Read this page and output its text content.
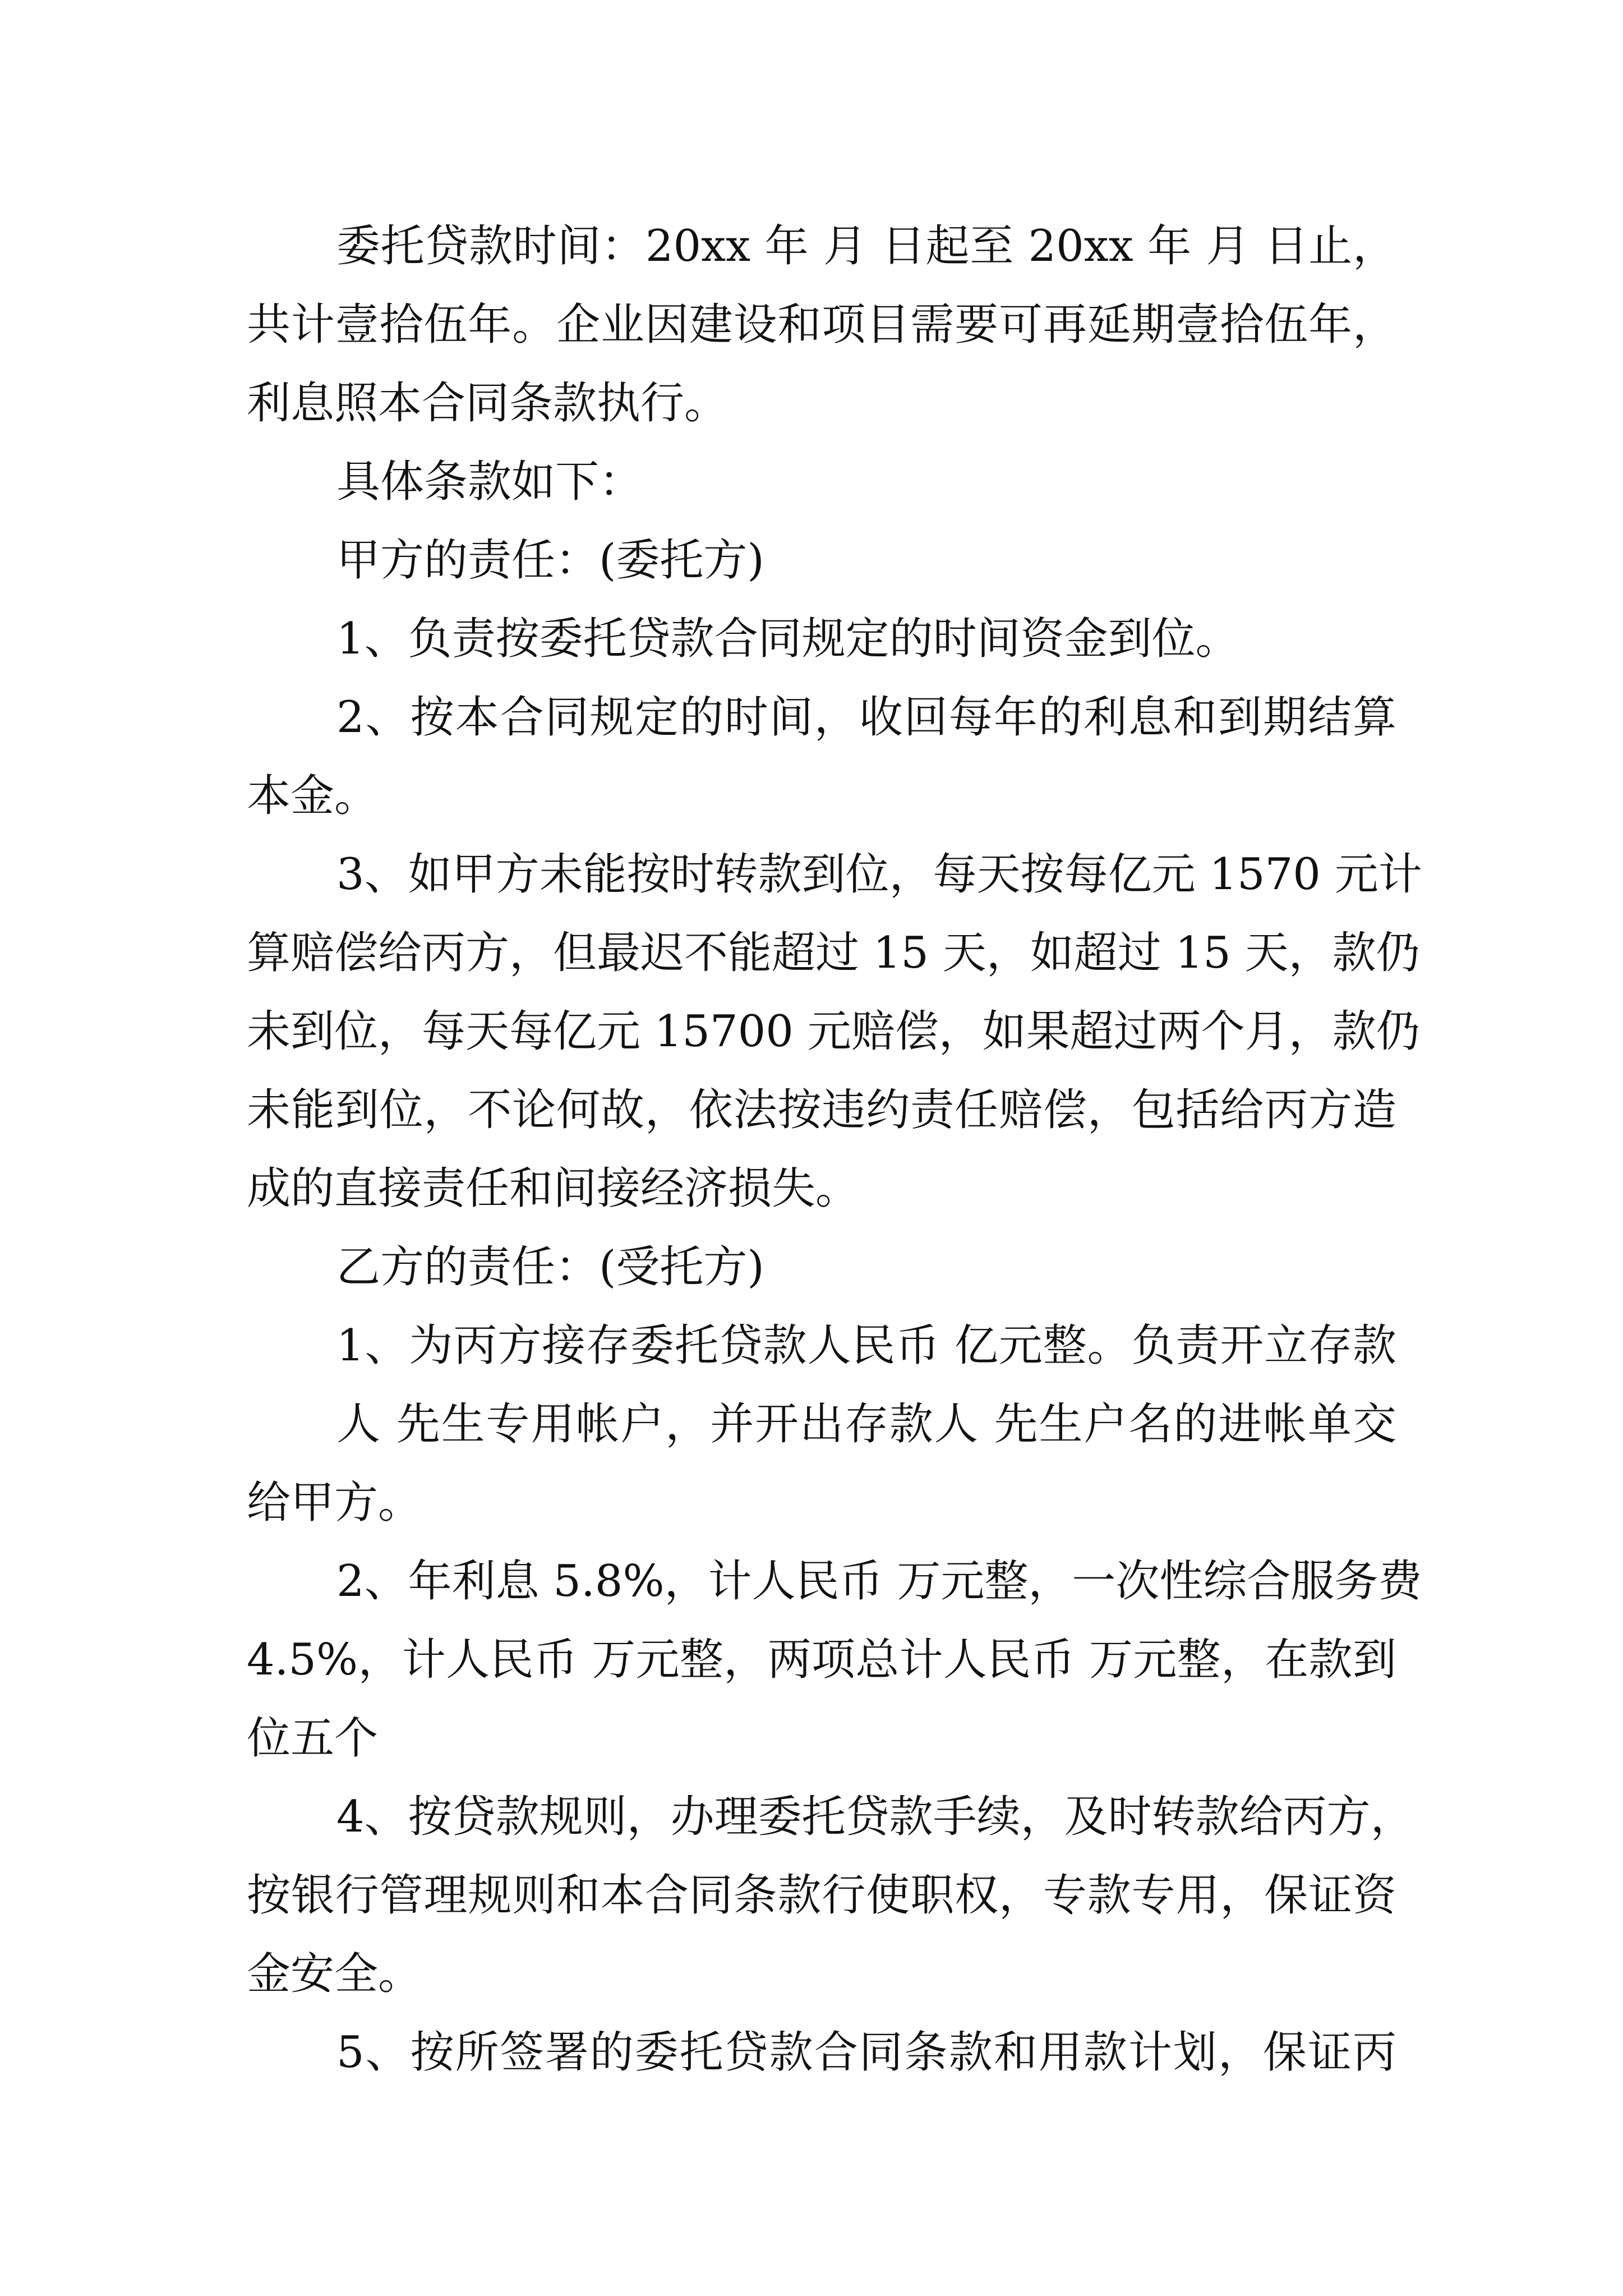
委托贷款时间：20xx 年 月 日起至 20xx 年 月 日止，
共计壹拾伍年。企业因建设和项目需要可再延期壹拾伍年，
利息照本合同条款执行。
具体条款如下：
甲方的责任：(委托方)
1、负责按委托贷款合同规定的时间资金到位。
2、按本合同规定的时间，收回每年的利息和到期结算
本金。
3、如甲方未能按时转款到位，每天按每亿元 1570 元计
算赔偿给丙方，但最迟不能超过 15 天，如超过 15 天，款仍
未到位，每天每亿元 15700 元赔偿，如果超过两个月，款仍
未能到位，不论何故，依法按违约责任赔偿，包括给丙方造
成的直接责任和间接经济损失。
乙方的责任：(受托方)
1、为丙方接存委托贷款人民币 亿元整。负责开立存款
人 先生专用帐户，并开出存款人 先生户名的进帐单交
给甲方。
2、年利息 5.8%，计人民币 万元整，一次性综合服务费
4.5%，计人民币 万元整，两项总计人民币 万元整，在款到
位五个
4、按贷款规则，办理委托贷款手续，及时转款给丙方，
按银行管理规则和本合同条款行使职权，专款专用，保证资
金安全。
5、按所签署的委托贷款合同条款和用款计划，保证丙
